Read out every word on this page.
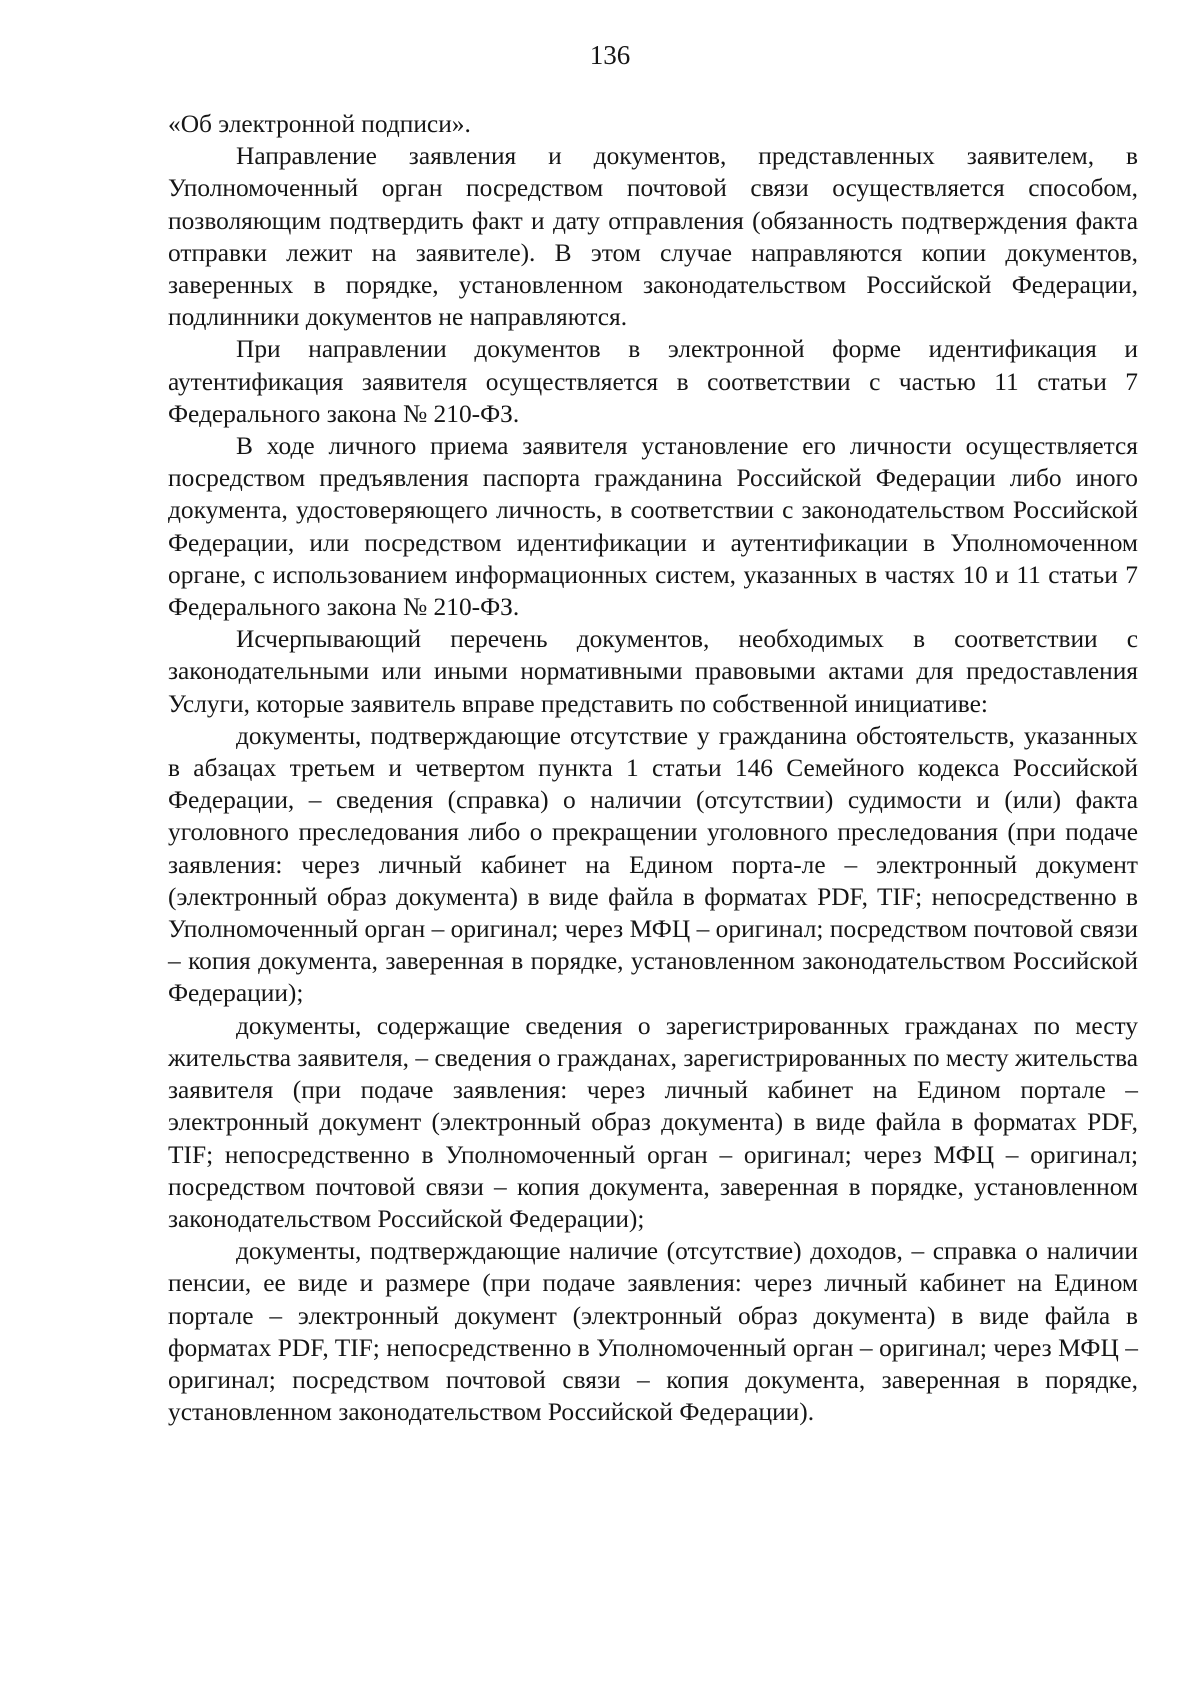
136

«Об электронной подписи».

Направление заявления и документов, представленных заявителем, в Уполномоченный орган посредством почтовой связи осуществляется способом, позволяющим подтвердить факт и дату отправления (обязанность подтверждения факта отправки лежит на заявителе). В этом случае направляются копии документов, заверенных в порядке, установленном законодательством Российской Федерации, подлинники документов не направляются.

При направлении документов в электронной форме идентификация и аутентификация заявителя осуществляется в соответствии с частью 11 статьи 7 Федерального закона № 210-ФЗ.

В ходе личного приема заявителя установление его личности осуществляется посредством предъявления паспорта гражданина Российской Федерации либо иного документа, удостоверяющего личность, в соответствии с законодательством Российской Федерации, или посредством идентификации и аутентификации в Уполномоченном органе, с использованием информационных систем, указанных в частях 10 и 11 статьи 7 Федерального закона № 210-ФЗ.

Исчерпывающий перечень документов, необходимых в соответствии с законодательными или иными нормативными правовыми актами для предоставления Услуги, которые заявитель вправе представить по собственной инициативе:

документы, подтверждающие отсутствие у гражданина обстоятельств, указанных в абзацах третьем и четвертом пункта 1 статьи 146 Семейного кодекса Российской Федерации, – сведения (справка) о наличии (отсутствии) судимости и (или) факта уголовного преследования либо о прекращении уголовного преследования (при подаче заявления: через личный кабинет на Едином порта-ле – электронный документ (электронный образ документа) в виде файла в форматах PDF, TIF; непосредственно в Уполномоченный орган – оригинал; через МФЦ – оригинал; посредством почтовой связи – копия документа, заверенная в порядке, установленном законодательством Российской Федерации);

документы, содержащие сведения о зарегистрированных гражданах по месту жительства заявителя, – сведения о гражданах, зарегистрированных по месту жительства заявителя (при подаче заявления: через личный кабинет на Едином портале – электронный документ (электронный образ документа) в виде файла в форматах PDF, TIF; непосредственно в Уполномоченный орган – оригинал; через МФЦ – оригинал; посредством почтовой связи – копия документа, заверенная в порядке, установленном законодательством Российской Федерации);

документы, подтверждающие наличие (отсутствие) доходов, – справка о наличии пенсии, ее виде и размере (при подаче заявления: через личный кабинет на Едином портале – электронный документ (электронный образ документа) в виде файла в форматах PDF, TIF; непосредственно в Уполномоченный орган – оригинал; через МФЦ – оригинал; посредством почтовой связи – копия документа, заверенная в порядке, установленном законодательством Российской Федерации).
